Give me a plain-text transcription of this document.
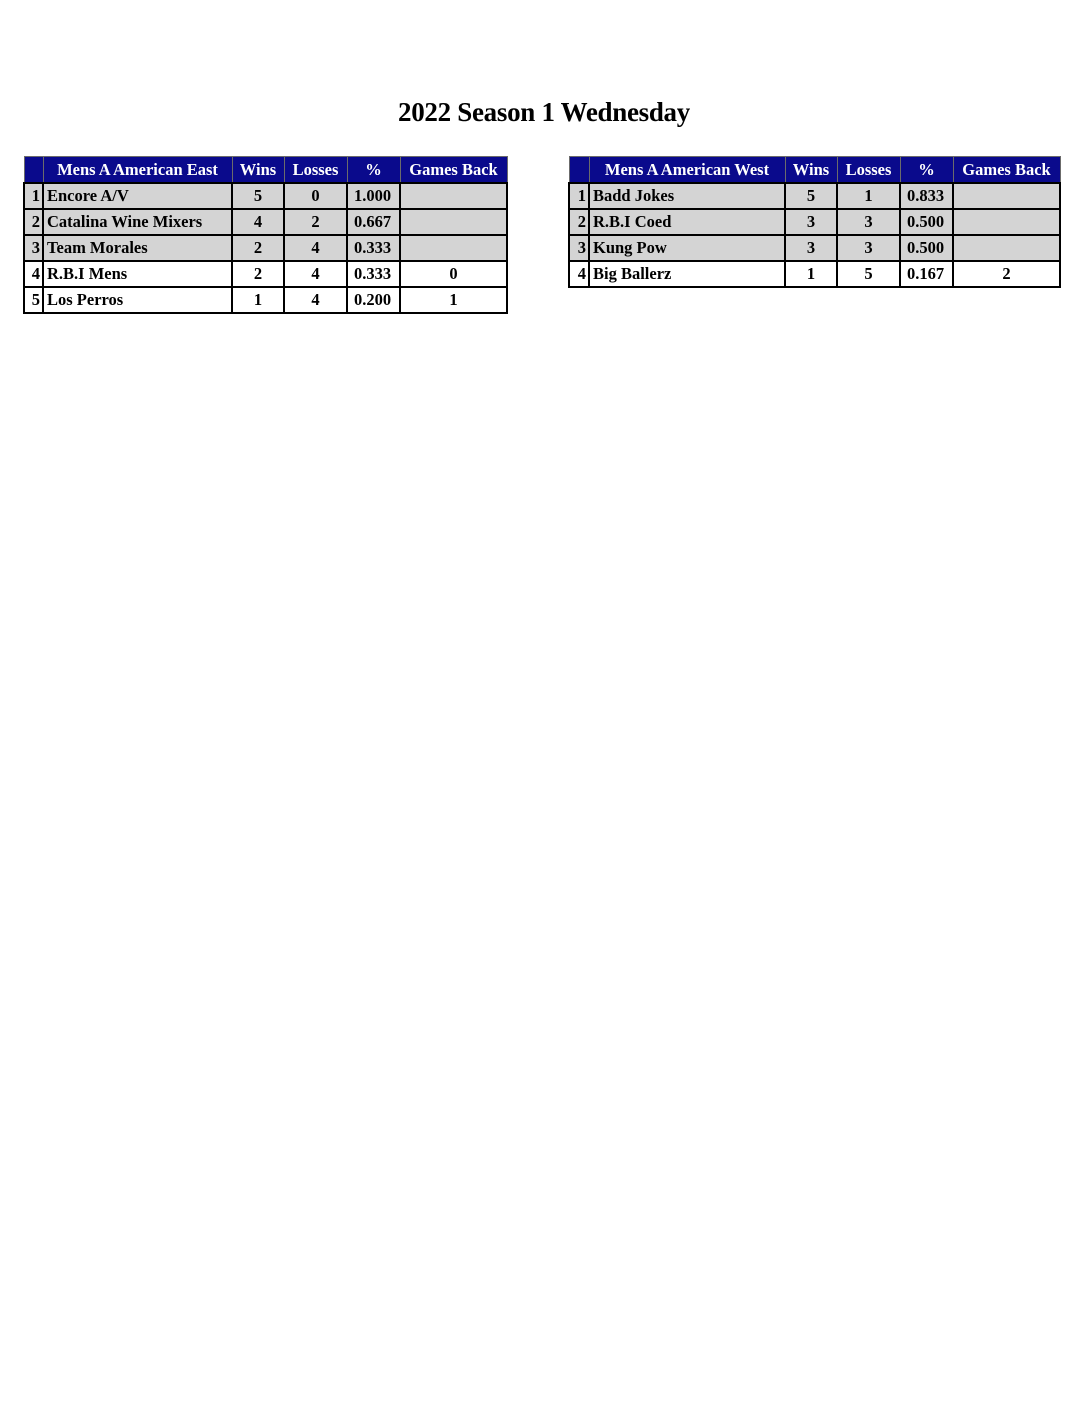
2022 Season 1 Wednesday
	Mens A American East	Wins	Losses	%	Games Back
1	Encore A/V	5	0	1.000	
2	Catalina Wine Mixers	4	2	0.667	
3	Team Morales	2	4	0.333	
4	R.B.I Mens	2	4	0.333	0
5	Los Perros	1	4	0.200	1
	Mens A American West	Wins	Losses	%	Games Back
1	Badd Jokes	5	1	0.833	
2	R.B.I Coed	3	3	0.500	
3	Kung Pow	3	3	0.500	
4	Big Ballerz	1	5	0.167	2
